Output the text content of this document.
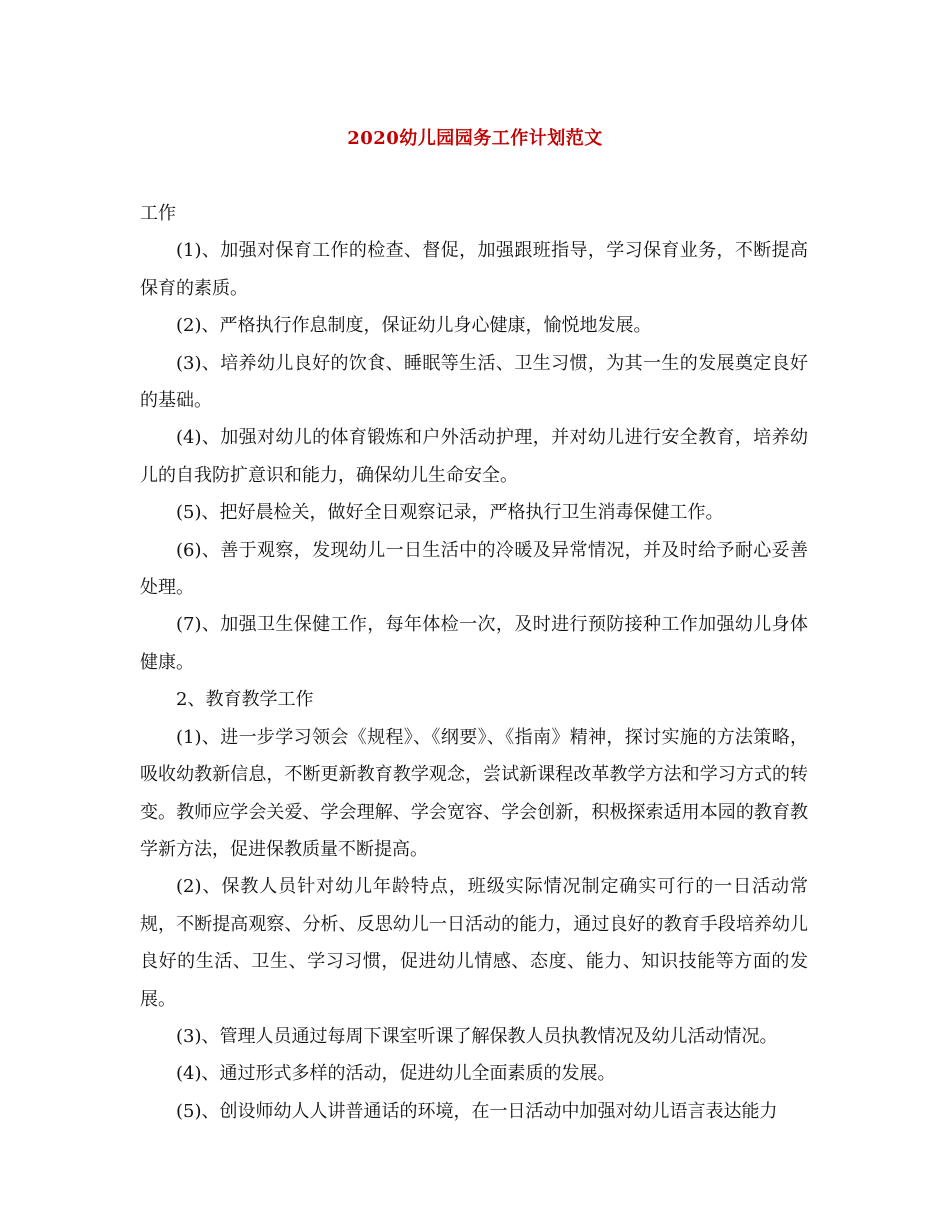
2020幼儿园园务工作计划范文

工作

(1)、加强对保育工作的检查、督促，加强跟班指导，学习保育业务，不断提高保育的素质。

(2)、严格执行作息制度，保证幼儿身心健康，愉悦地发展。

(3)、培养幼儿良好的饮食、睡眠等生活、卫生习惯，为其一生的发展奠定良好的基础。

(4)、加强对幼儿的体育锻炼和户外活动护理，并对幼儿进行安全教育，培养幼儿的自我防扩意识和能力，确保幼儿生命安全。

(5)、把好晨检关，做好全日观察记录，严格执行卫生消毒保健工作。

(6)、善于观察，发现幼儿一日生活中的冷暖及异常情况，并及时给予耐心妥善处理。

(7)、加强卫生保健工作，每年体检一次，及时进行预防接种工作加强幼儿身体健康。

2、教育教学工作

(1)、进一步学习领会《规程》、《纲要》、《指南》精神，探讨实施的方法策略，吸收幼教新信息，不断更新教育教学观念，尝试新课程改革教学方法和学习方式的转变。教师应学会关爱、学会理解、学会宽容、学会创新，积极探索适用本园的教育教学新方法，促进保教质量不断提高。

(2)、保教人员针对幼儿年龄特点，班级实际情况制定确实可行的一日活动常规，不断提高观察、分析、反思幼儿一日活动的能力，通过良好的教育手段培养幼儿良好的生活、卫生、学习习惯，促进幼儿情感、态度、能力、知识技能等方面的发展。

(3)、管理人员通过每周下课室听课了解保教人员执教情况及幼儿活动情况。

(4)、通过形式多样的活动，促进幼儿全面素质的发展。

(5)、创设师幼人人讲普通话的环境，在一日活动中加强对幼儿语言表达能力
